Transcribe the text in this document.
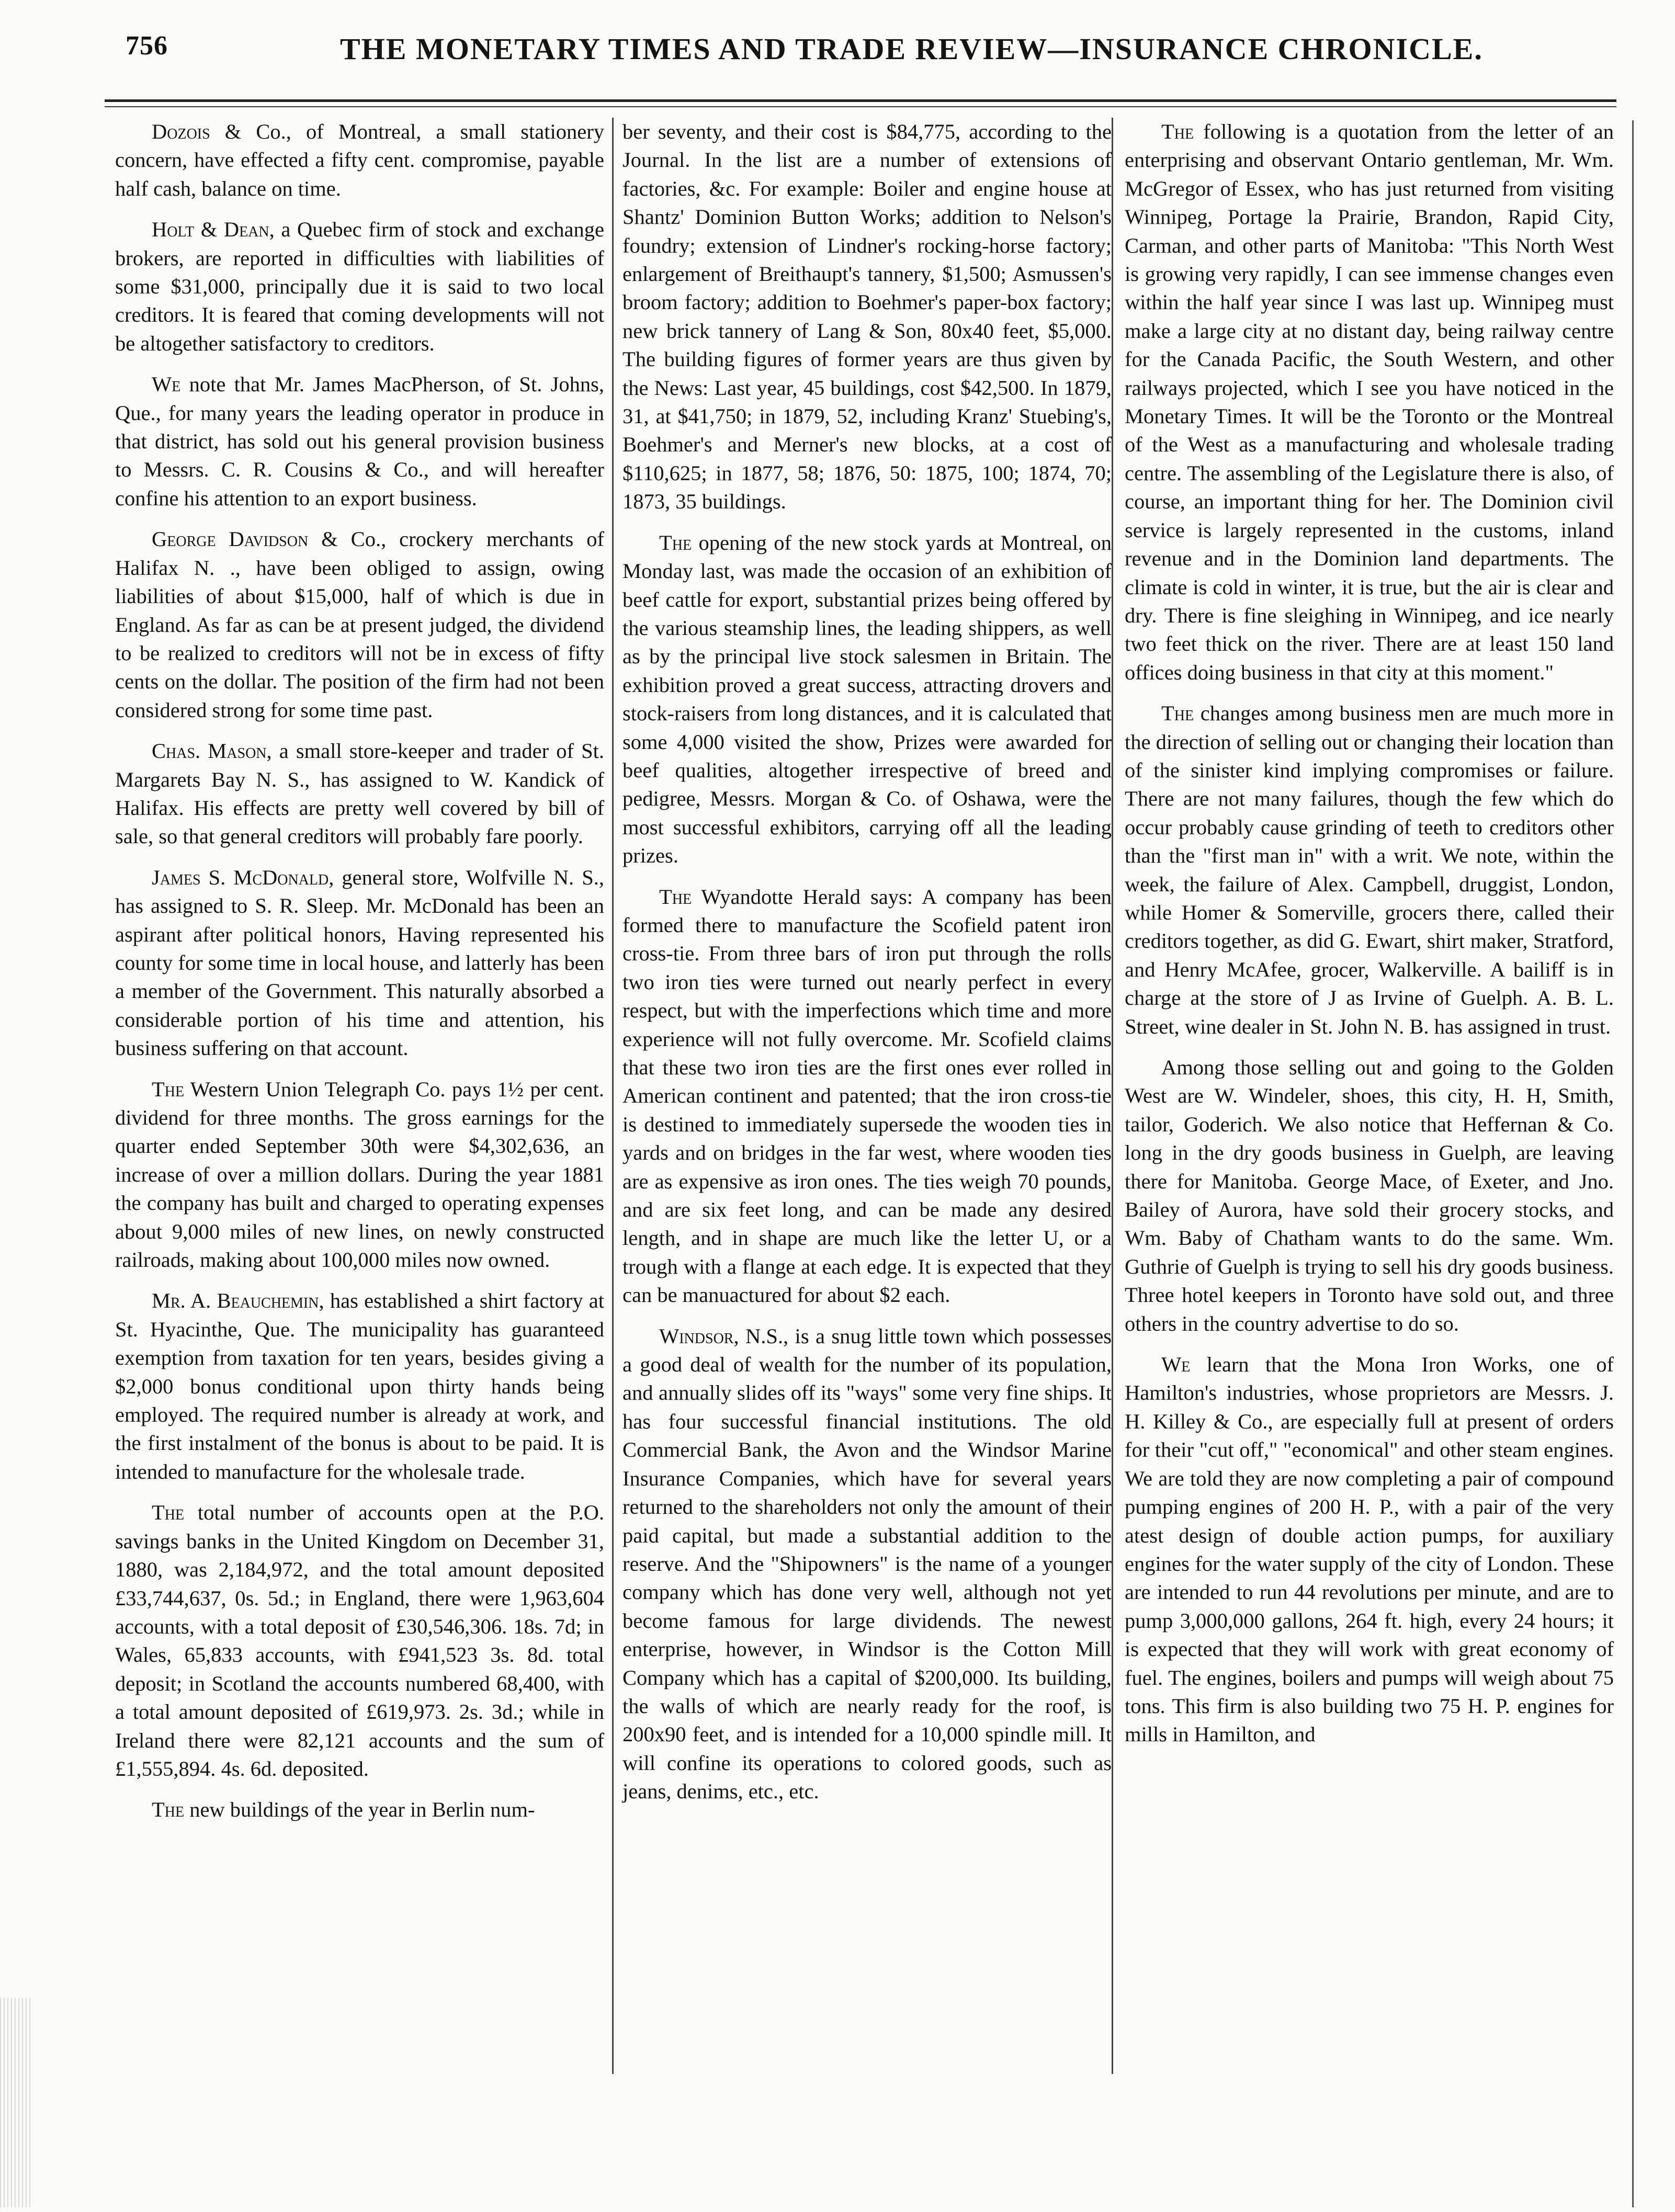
756	THE MONETARY TIMES AND TRADE REVIEW—INSURANCE CHRONICLE.

Dozois & Co., of Montreal, a small stationery concern, have effected a fifty cent. compromise, payable half cash, balance on time.

Holt & Dean, a Quebec firm of stock and exchange brokers, are reported in difficulties with liabilities of some $31,000, principally due it is said to two local creditors. It is feared that coming developments will not be altogether satisfactory to creditors.

We note that Mr. James MacPherson, of St. Johns, Que., for many years the leading operator in produce in that district, has sold out his general provision business to Messrs. C. R. Cousins & Co., and will hereafter confine his attention to an export business.

George Davidson & Co., crockery merchants of Halifax N. ., have been obliged to assign, owing liabilities of about $15,000, half of which is due in England. As far as can be at present judged, the dividend to be realized to creditors will not be in excess of fifty cents on the dollar. The position of the firm had not been considered strong for some time past.

Chas. Mason, a small store-keeper and trader of St. Margarets Bay N. S., has assigned to W. Kandick of Halifax. His effects are pretty well covered by bill of sale, so that general creditors will probably fare poorly.

James S. McDonald, general store, Wolfville N. S., has assigned to S. R. Sleep. Mr. McDonald has been an aspirant after political honors, Having represented his county for some time in local house, and latterly has been a member of the Government. This naturally absorbed a considerable portion of his time and attention, his business suffering on that account.

The Western Union Telegraph Co. pays 1½ per cent. dividend for three months. The gross earnings for the quarter ended September 30th were $4,302,636, an increase of over a million dollars. During the year 1881 the company has built and charged to operating expenses about 9,000 miles of new lines, on newly constructed railroads, making about 100,000 miles now owned.

Mr. A. Beauchemin, has established a shirt factory at St. Hyacinthe, Que. The municipality has guaranteed exemption from taxation for ten years, besides giving a $2,000 bonus conditional upon thirty hands being employed. The required number is already at work, and the first instalment of the bonus is about to be paid. It is intended to manufacture for the wholesale trade.

The total number of accounts open at the P.O. savings banks in the United Kingdom on December 31, 1880, was 2,184,972, and the total amount deposited £33,744,637, 0s. 5d.; in England, there were 1,963,604 accounts, with a total deposit of £30,546,306. 18s. 7d; in Wales, 65,833 accounts, with £941,523 3s. 8d. total deposit; in Scotland the accounts numbered 68,400, with a total amount deposited of £619,973. 2s. 3d.; while in Ireland there were 82,121 accounts and the sum of £1,555,894. 4s. 6d. deposited.

The new buildings of the year in Berlin num-

ber seventy, and their cost is $84,775, according to the Journal. In the list are a number of extensions of factories, &c. For example: Boiler and engine house at Shantz' Dominion Button Works; addition to Nelson's foundry; extension of Lindner's rocking-horse factory; enlargement of Breithaupt's tannery, $1,500; Asmussen's broom factory; addition to Boehmer's paper-box factory; new brick tannery of Lang & Son, 80x40 feet, $5,000. The building figures of former years are thus given by the News: Last year, 45 buildings, cost $42,500. In 1879, 31, at $41,750; in 1879, 52, including Kranz' Stuebing's, Boehmer's and Merner's new blocks, at a cost of $110,625; in 1877, 58; 1876, 50: 1875, 100; 1874, 70; 1873, 35 buildings.

The opening of the new stock yards at Montreal, on Monday last, was made the occasion of an exhibition of beef cattle for export, substantial prizes being offered by the various steamship lines, the leading shippers, as well as by the principal live stock salesmen in Britain. The exhibition proved a great success, attracting drovers and stock-raisers from long distances, and it is calculated that some 4,000 visited the show, Prizes were awarded for beef qualities, altogether irrespective of breed and pedigree, Messrs. Morgan & Co. of Oshawa, were the most successful exhibitors, carrying off all the leading prizes.

The Wyandotte Herald says: A company has been formed there to manufacture the Scofield patent iron cross-tie. From three bars of iron put through the rolls two iron ties were turned out nearly perfect in every respect, but with the imperfections which time and more experience will not fully overcome. Mr. Scofield claims that these two iron ties are the first ones ever rolled in American continent and patented; that the iron cross-tie is destined to immediately supersede the wooden ties in yards and on bridges in the far west, where wooden ties are as expensive as iron ones. The ties weigh 70 pounds, and are six feet long, and can be made any desired length, and in shape are much like the letter U, or a trough with a flange at each edge. It is expected that they can be manuactured for about $2 each.

Windsor, N.S., is a snug little town which possesses a good deal of wealth for the number of its population, and annually slides off its "ways" some very fine ships. It has four successful financial institutions. The old Commercial Bank, the Avon and the Windsor Marine Insurance Companies, which have for several years returned to the shareholders not only the amount of their paid capital, but made a substantial addition to the reserve. And the "Shipowners" is the name of a younger company which has done very well, although not yet become famous for large dividends. The newest enterprise, however, in Windsor is the Cotton Mill Company which has a capital of $200,000. Its building, the walls of which are nearly ready for the roof, is 200x90 feet, and is intended for a 10,000 spindle mill. It will confine its operations to colored goods, such as jeans, denims, etc., etc.

The following is a quotation from the letter of an enterprising and observant Ontario gentleman, Mr. Wm. McGregor of Essex, who has just returned from visiting Winnipeg, Portage la Prairie, Brandon, Rapid City, Carman, and other parts of Manitoba: "This North West is growing very rapidly, I can see immense changes even within the half year since I was last up. Winnipeg must make a large city at no distant day, being railway centre for the Canada Pacific, the South Western, and other railways projected, which I see you have noticed in the Monetary Times. It will be the Toronto or the Montreal of the West as a manufacturing and wholesale trading centre. The assembling of the Legislature there is also, of course, an important thing for her. The Dominion civil service is largely represented in the customs, inland revenue and in the Dominion land departments. The climate is cold in winter, it is true, but the air is clear and dry. There is fine sleighing in Winnipeg, and ice nearly two feet thick on the river. There are at least 150 land offices doing business in that city at this moment."

The changes among business men are much more in the direction of selling out or changing their location than of the sinister kind implying compromises or failure. There are not many failures, though the few which do occur probably cause grinding of teeth to creditors other than the "first man in" with a writ. We note, within the week, the failure of Alex. Campbell, druggist, London, while Homer & Somerville, grocers there, called their creditors together, as did G. Ewart, shirt maker, Stratford, and Henry McAfee, grocer, Walkerville. A bailiff is in charge at the store of J as Irvine of Guelph. A. B. L. Street, wine dealer in St. John N. B. has assigned in trust.

Among those selling out and going to the Golden West are W. Windeler, shoes, this city, H. H, Smith, tailor, Goderich. We also notice that Heffernan & Co. long in the dry goods business in Guelph, are leaving there for Manitoba. George Mace, of Exeter, and Jno. Bailey of Aurora, have sold their grocery stocks, and Wm. Baby of Chatham wants to do the same. Wm. Guthrie of Guelph is trying to sell his dry goods business. Three hotel keepers in Toronto have sold out, and three others in the country advertise to do so.

We learn that the Mona Iron Works, one of Hamilton's industries, whose proprietors are Messrs. J. H. Killey & Co., are especially full at present of orders for their "cut off," "economical" and other steam engines. We are told they are now completing a pair of compound pumping engines of 200 H. P., with a pair of the very atest design of double action pumps, for auxiliary engines for the water supply of the city of London. These are intended to run 44 revolutions per minute, and are to pump 3,000,000 gallons, 264 ft. high, every 24 hours; it is expected that they will work with great economy of fuel. The engines, boilers and pumps will weigh about 75 tons. This firm is also building two 75 H. P. engines for mills in Hamilton, and
